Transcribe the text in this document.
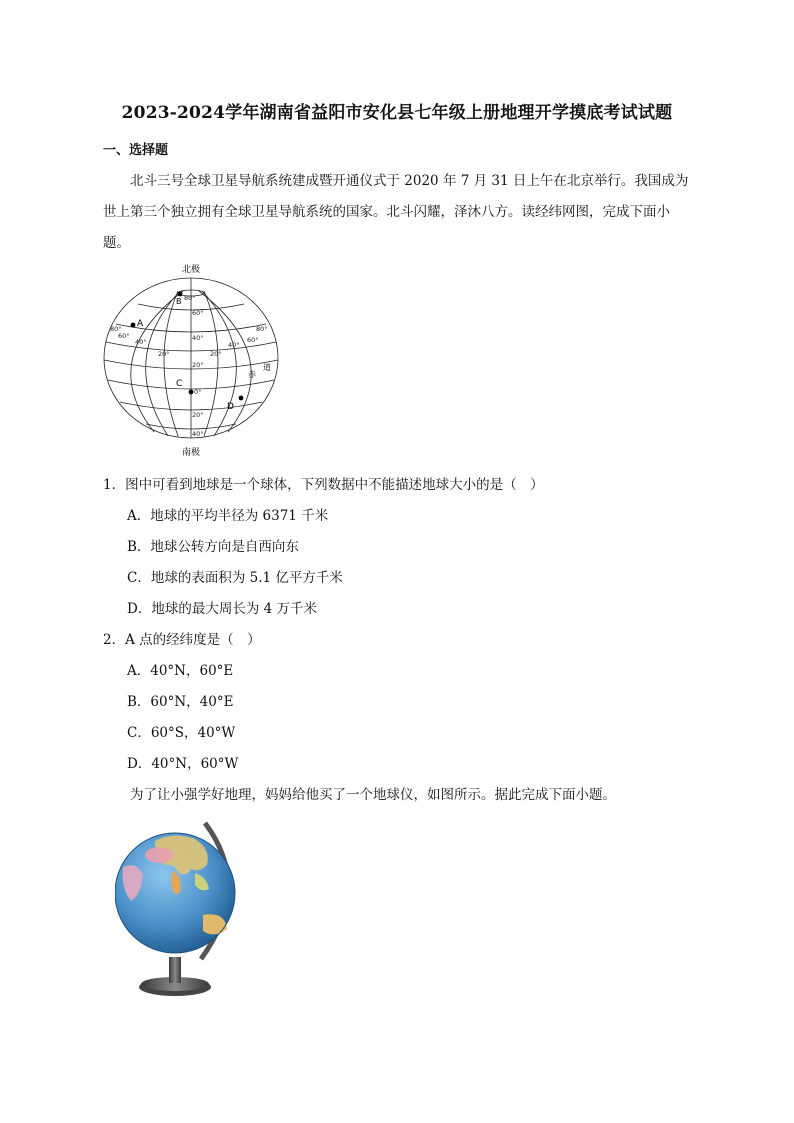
2023-2024学年湖南省益阳市安化县七年级上册地理开学摸底考试试题
一、选择题
北斗三号全球卫星导航系统建成暨开通仪式于 2020 年 7 月 31 日上午在北京举行。我国成为世上第三个独立拥有全球卫星导航系统的国家。北斗闪耀，泽沐八方。读经纬网图，完成下面小题。
北极
南极
B
A
C
D
80°
60°
40°
20°
80°
60°
40°
20°
80°
60°
40°
20°
0°
20°
40°
赤
道
1．图中可看到地球是一个球体，下列数据中不能描述地球大小的是（　）
A．地球的平均半径为 6371 千米
B．地球公转方向是自西向东
C．地球的表面积为 5.1 亿平方千米
D．地球的最大周长为 4 万千米
2．A 点的经纬度是（　）
A．40°N，60°E
B．60°N，40°E
C．60°S，40°W
D．40°N，60°W
为了让小强学好地理，妈妈给他买了一个地球仪，如图所示。据此完成下面小题。
